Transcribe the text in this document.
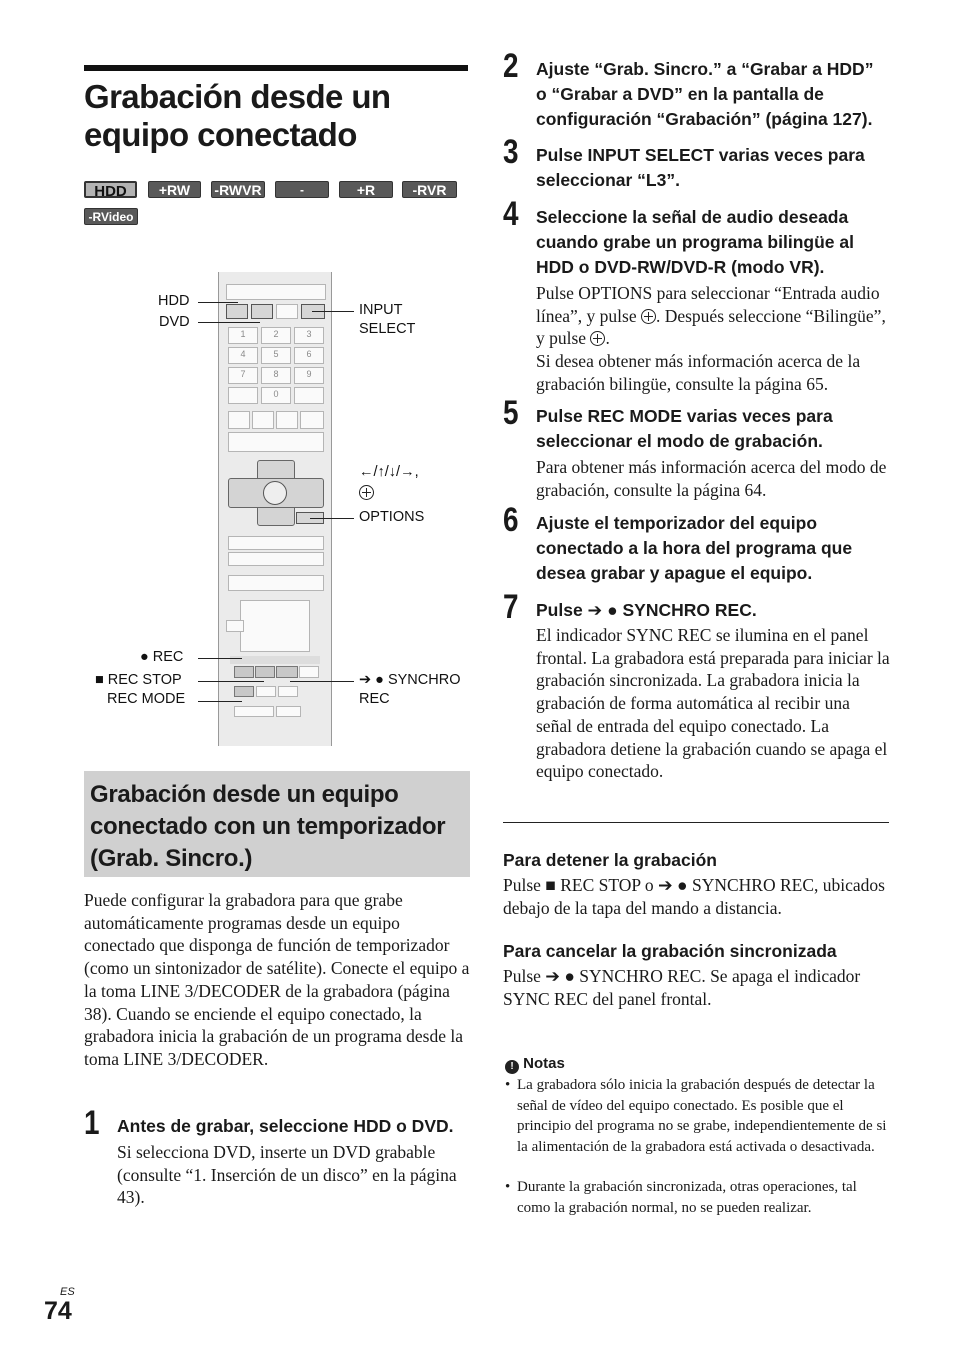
Grabación desde un equipo conectado
HDD	+RW	-RWVR	-RWVideo
+R	-RVR
-RVideo
1	2	3
4	5	6
7	8	9
0
HDD
DVD
INPUT
SELECT
←/↑/↓/→,
OPTIONS
● REC
■ REC STOP
REC MODE
➔ ● SYNCHRO
REC
Grabación desde un equipo conectado con un temporizador (Grab. Sincro.)

Puede configurar la grabadora para que grabe automáticamente programas desde un equipo conectado que disponga de función de temporizador (como un sintonizador de satélite). Conecte el equipo a la toma LINE 3/DECODER de la grabadora (página 38). Cuando se enciende el equipo conectado, la grabadora inicia la grabación de un programa desde la toma LINE 3/DECODER.

1 Antes de grabar, seleccione HDD o DVD.

Si selecciona DVD, inserte un DVD grabable (consulte “1. Inserción de un disco” en la página 43).

2 Ajuste “Grab. Sincro.” a “Grabar a HDD” o “Grabar a DVD” en la pantalla de configuración “Grabación” (página 127).

3 Pulse INPUT SELECT varias veces para seleccionar “L3”.

4 Seleccione la señal de audio deseada cuando grabe un programa bilingüe al HDD o DVD-RW/DVD-R (modo VR).

Pulse OPTIONS para seleccionar “Entrada audio línea”, y pulse . Después seleccione “Bilingüe”, y pulse .
Si desea obtener más información acerca de la grabación bilingüe, consulte la página 65.

5 Pulse REC MODE varias veces para seleccionar el modo de grabación.

Para obtener más información acerca del modo de grabación, consulte la página 64.

6 Ajuste el temporizador del equipo conectado a la hora del programa que desea grabar y apague el equipo.

7 Pulse ➔ ● SYNCHRO REC.

El indicador SYNC REC se ilumina en el panel frontal. La grabadora está preparada para iniciar la grabación sincronizada. La grabadora inicia la grabación de forma automática al recibir una señal de entrada del equipo conectado. La grabadora detiene la grabación cuando se apaga el equipo conectado.

Para detener la grabación

Pulse ■ REC STOP o ➔ ● SYNCHRO REC, ubicados debajo de la tapa del mando a distancia.

Para cancelar la grabación sincronizada

Pulse ➔ ● SYNCHRO REC. Se apaga el indicador SYNC REC del panel frontal.

ǃ Notas
• La grabadora sólo inicia la grabación después de detectar la señal de vídeo del equipo conectado. Es posible que el principio del programa no se grabe, independientemente de si la alimentación de la grabadora está activada o desactivada.
• Durante la grabación sincronizada, otras operaciones, tal como la grabación normal, no se pueden realizar.
ES
74
